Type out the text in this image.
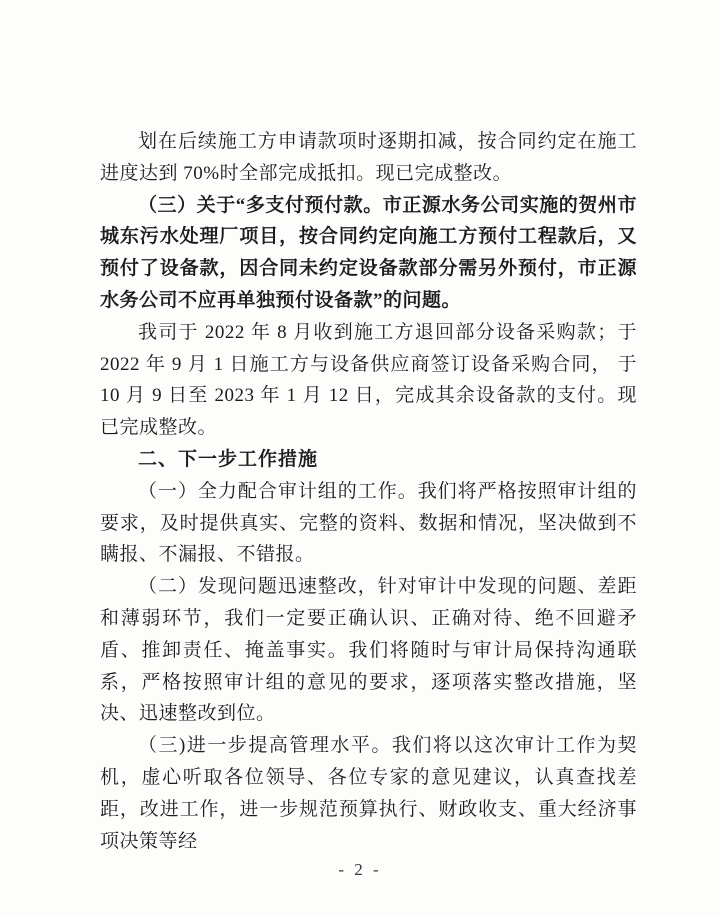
划在后续施工方申请款项时逐期扣减，按合同约定在施工进度达到 70%时全部完成抵扣。现已完成整改。

（三）关于“多支付预付款。市正源水务公司实施的贺州市城东污水处理厂项目，按合同约定向施工方预付工程款后，又预付了设备款，因合同未约定设备款部分需另外预付，市正源水务公司不应再单独预付设备款”的问题。

我司于 2022 年 8 月收到施工方退回部分设备采购款；于 2022 年 9 月 1 日施工方与设备供应商签订设备采购合同， 于 10 月 9 日至 2023 年 1 月 12 日，完成其余设备款的支付。现已完成整改。

二、下一步工作措施

（一）全力配合审计组的工作。我们将严格按照审计组的要求，及时提供真实、完整的资料、数据和情况，坚决做到不瞒报、不漏报、不错报。

（二）发现问题迅速整改，针对审计中发现的问题、差距和薄弱环节，我们一定要正确认识、正确对待、绝不回避矛盾、推卸责任、掩盖事实。我们将随时与审计局保持沟通联系，严格按照审计组的意见的要求，逐项落实整改措施，坚决、迅速整改到位。

（三)进一步提高管理水平。我们将以这次审计工作为契机，虚心听取各位领导、各位专家的意见建议，认真查找差距，改进工作，进一步规范预算执行、财政收支、重大经济事项决策等经

- 2 -
